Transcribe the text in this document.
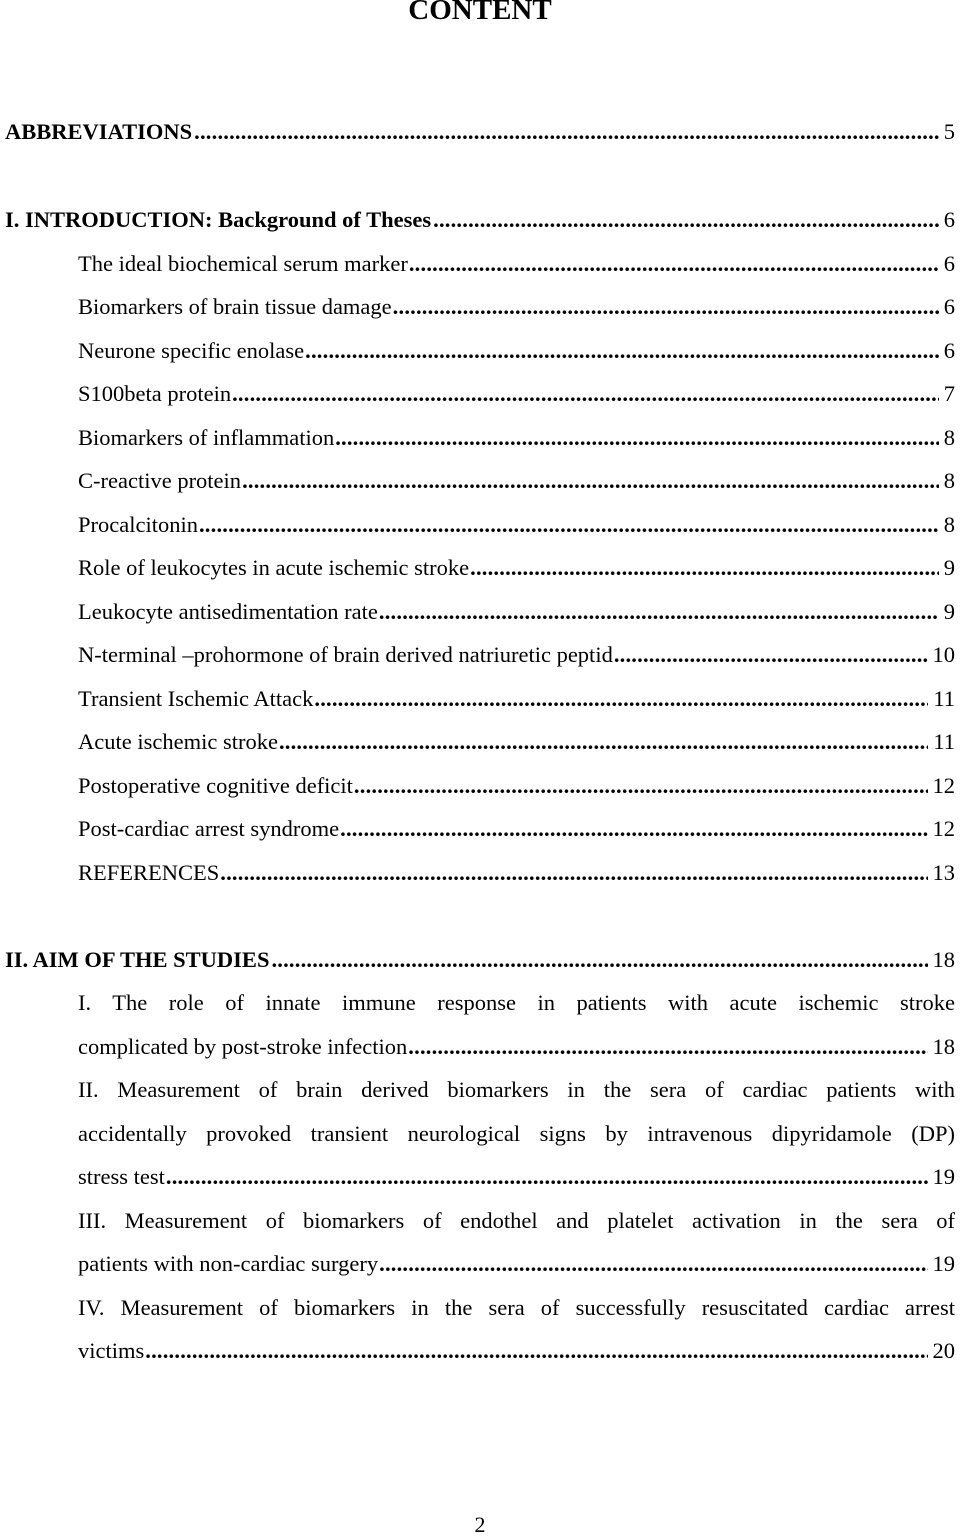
CONTENT
ABBREVIATIONS .....	5
I. INTRODUCTION: Background of Theses .....	6
The ideal biochemical serum marker .....	6
Biomarkers of brain tissue damage .....	6
Neurone specific enolase .....	6
S100beta protein .....	7
Biomarkers of inflammation .....	8
C-reactive protein .....	8
Procalcitonin .....	8
Role of leukocytes in acute ischemic stroke .....	9
Leukocyte antisedimentation rate .....	9
N-terminal –prohormone of brain derived natriuretic peptid .....	10
Transient Ischemic Attack .....	11
Acute ischemic stroke .....	11
Postoperative cognitive deficit .....	12
Post-cardiac arrest syndrome .....	12
REFERENCES .....	13
II. AIM OF THE STUDIES .....	18
I. The role of innate immune response in patients with acute ischemic stroke
complicated by post-stroke infection .....	18
II. Measurement of brain derived biomarkers in the sera of cardiac patients with
accidentally provoked transient neurological signs by intravenous dipyridamole (DP)
stress test .....	19
III. Measurement of biomarkers of endothel and platelet activation in the sera of
patients with non-cardiac surgery .....	19
IV. Measurement of biomarkers in the sera of successfully resuscitated cardiac arrest
victims .....	20
2
